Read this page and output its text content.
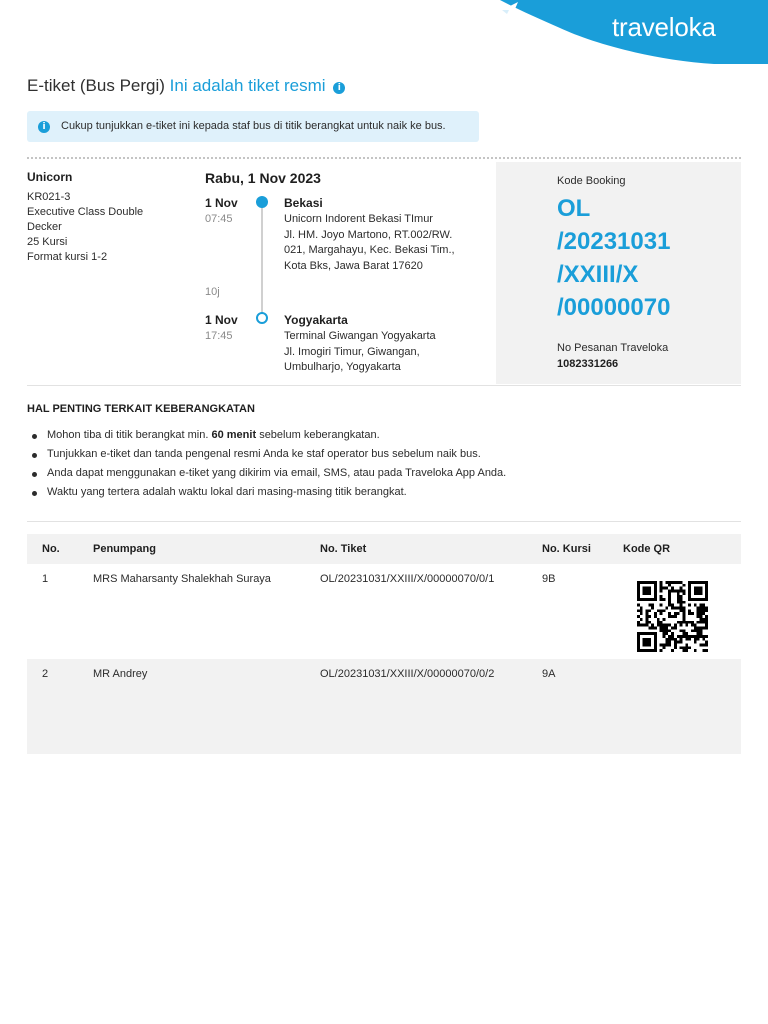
traveloka
E-tiket (Bus Pergi) Ini adalah tiket resmi i
i	Cukup tunjukkan e-tiket ini kepada staf bus di titik berangkat untuk naik ke bus.
Unicorn
KR021-3
Executive Class Double
Decker
25 Kursi
Format kursi 1-2
Rabu, 1 Nov 2023
1 Nov
07:45
Bekasi
Unicorn Indorent Bekasi TImur
Jl. HM. Joyo Martono, RT.002/RW.
021, Margahayu, Kec. Bekasi Tim.,
Kota Bks, Jawa Barat 17620
10j
1 Nov
17:45
Yogyakarta
Terminal Giwangan Yogyakarta
Jl. Imogiri Timur, Giwangan,
Umbulharjo, Yogyakarta
Kode Booking
OL
/20231031
/XXIII/X
/00000070
No Pesanan Traveloka
1082331266
HAL PENTING TERKAIT KEBERANGKATAN
Mohon tiba di titik berangkat min. 60 menit sebelum keberangkatan.
Tunjukkan e-tiket dan tanda pengenal resmi Anda ke staf operator bus sebelum naik bus.
Anda dapat menggunakan e-tiket yang dikirim via email, SMS, atau pada Traveloka App Anda.
Waktu yang tertera adalah waktu lokal dari masing-masing titik berangkat.
No.	Penumpang	No. Tiket	No. Kursi	Kode QR
1	MRS Maharsanty Shalekhah Suraya	OL/20231031/XXIII/X/00000070/0/1	9B
2	MR Andrey	OL/20231031/XXIII/X/00000070/0/2	9A
